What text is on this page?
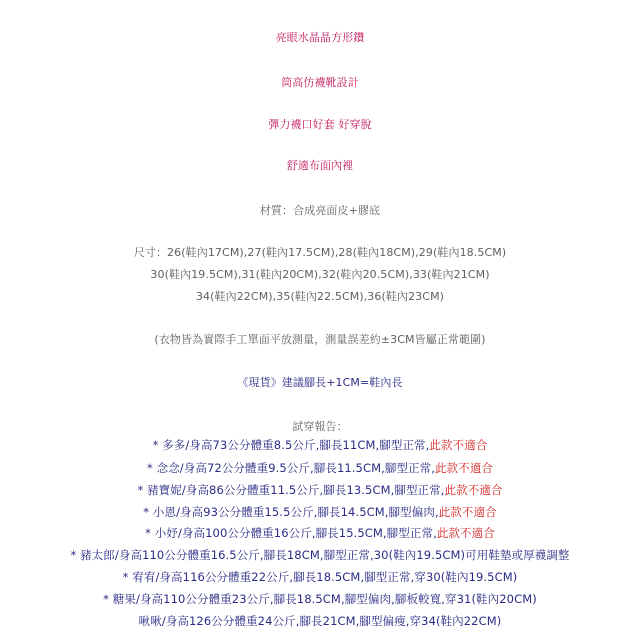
亮眼水晶晶方形鑽
筒高仿襪靴設計
彈力襪口好套 好穿脫
舒適布面內裡
材質：合成亮面皮+膠底
尺寸：26(鞋內17CM),27(鞋內17.5CM),28(鞋內18CM),29(鞋內18.5CM)
30(鞋內19.5CM),31(鞋內20CM),32(鞋內20.5CM),33(鞋內21CM)
34(鞋內22CM),35(鞋內22.5CM),36(鞋內23CM)
(衣物皆為實際手工單面平放測量，測量誤差約±3CM皆屬正常範圍)
《現貨》建議腳長+1CM=鞋內長
試穿報告：
* 多多/身高73公分體重8.5公斤,腳長11CM,腳型正常,此款不適合
* 念念/身高72公分體重9.5公斤,腳長11.5CM,腳型正常,此款不適合
* 豬寶妮/身高86公分體重11.5公斤,腳長13.5CM,腳型正常,此款不適合
* 小恩/身高93公分體重15.5公斤,腳長14.5CM,腳型偏肉,此款不適合
* 小妤/身高100公分體重16公斤,腳長15.5CM,腳型正常,此款不適合
* 豬太郎/身高110公分體重16.5公斤,腳長18CM,腳型正常,30(鞋內19.5CM)可用鞋墊或厚襪調整
* 宥宥/身高116公分體重22公斤,腳長18.5CM,腳型正常,穿30(鞋內19.5CM)
* 糖果/身高110公分體重23公斤,腳長18.5CM,腳型偏肉,腳板較寬,穿31(鞋內20CM)
啾啾/身高126公分體重24公斤,腳長21CM,腳型偏瘦,穿34(鞋內22CM)
